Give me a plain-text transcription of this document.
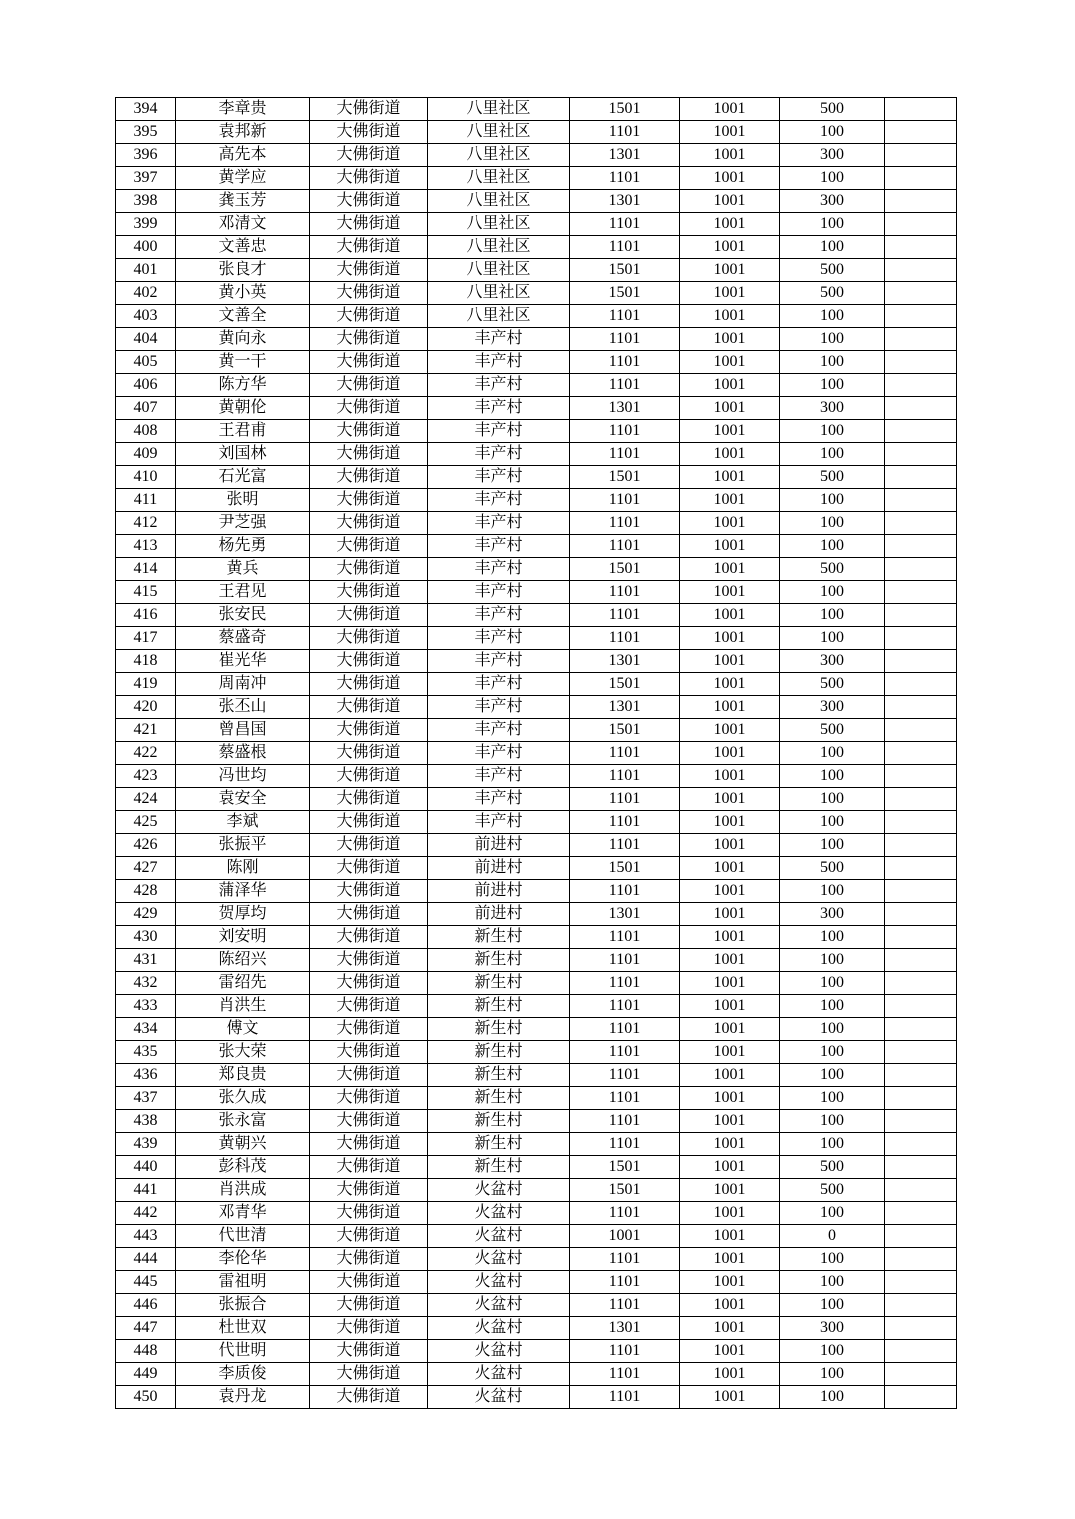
394	李章贵	大佛街道	八里社区	1501	1001	500	
395	袁邦新	大佛街道	八里社区	1101	1001	100	
396	高先本	大佛街道	八里社区	1301	1001	300	
397	黄学应	大佛街道	八里社区	1101	1001	100	
398	龚玉芳	大佛街道	八里社区	1301	1001	300	
399	邓清文	大佛街道	八里社区	1101	1001	100	
400	文善忠	大佛街道	八里社区	1101	1001	100	
401	张良才	大佛街道	八里社区	1501	1001	500	
402	黄小英	大佛街道	八里社区	1501	1001	500	
403	文善全	大佛街道	八里社区	1101	1001	100	
404	黄向永	大佛街道	丰产村	1101	1001	100	
405	黄一干	大佛街道	丰产村	1101	1001	100	
406	陈方华	大佛街道	丰产村	1101	1001	100	
407	黄朝伦	大佛街道	丰产村	1301	1001	300	
408	王君甫	大佛街道	丰产村	1101	1001	100	
409	刘国林	大佛街道	丰产村	1101	1001	100	
410	石光富	大佛街道	丰产村	1501	1001	500	
411	张明	大佛街道	丰产村	1101	1001	100	
412	尹芝强	大佛街道	丰产村	1101	1001	100	
413	杨先勇	大佛街道	丰产村	1101	1001	100	
414	黄兵	大佛街道	丰产村	1501	1001	500	
415	王君见	大佛街道	丰产村	1101	1001	100	
416	张安民	大佛街道	丰产村	1101	1001	100	
417	蔡盛奇	大佛街道	丰产村	1101	1001	100	
418	崔光华	大佛街道	丰产村	1301	1001	300	
419	周南冲	大佛街道	丰产村	1501	1001	500	
420	张丕山	大佛街道	丰产村	1301	1001	300	
421	曾昌国	大佛街道	丰产村	1501	1001	500	
422	蔡盛根	大佛街道	丰产村	1101	1001	100	
423	冯世均	大佛街道	丰产村	1101	1001	100	
424	袁安全	大佛街道	丰产村	1101	1001	100	
425	李斌	大佛街道	丰产村	1101	1001	100	
426	张振平	大佛街道	前进村	1101	1001	100	
427	陈刚	大佛街道	前进村	1501	1001	500	
428	蒲泽华	大佛街道	前进村	1101	1001	100	
429	贺厚均	大佛街道	前进村	1301	1001	300	
430	刘安明	大佛街道	新生村	1101	1001	100	
431	陈绍兴	大佛街道	新生村	1101	1001	100	
432	雷绍先	大佛街道	新生村	1101	1001	100	
433	肖洪生	大佛街道	新生村	1101	1001	100	
434	傅文	大佛街道	新生村	1101	1001	100	
435	张大荣	大佛街道	新生村	1101	1001	100	
436	郑良贵	大佛街道	新生村	1101	1001	100	
437	张久成	大佛街道	新生村	1101	1001	100	
438	张永富	大佛街道	新生村	1101	1001	100	
439	黄朝兴	大佛街道	新生村	1101	1001	100	
440	彭科茂	大佛街道	新生村	1501	1001	500	
441	肖洪成	大佛街道	火盆村	1501	1001	500	
442	邓青华	大佛街道	火盆村	1101	1001	100	
443	代世清	大佛街道	火盆村	1001	1001	0	
444	李伦华	大佛街道	火盆村	1101	1001	100	
445	雷祖明	大佛街道	火盆村	1101	1001	100	
446	张振合	大佛街道	火盆村	1101	1001	100	
447	杜世双	大佛街道	火盆村	1301	1001	300	
448	代世明	大佛街道	火盆村	1101	1001	100	
449	李质俊	大佛街道	火盆村	1101	1001	100	
450	袁丹龙	大佛街道	火盆村	1101	1001	100	
